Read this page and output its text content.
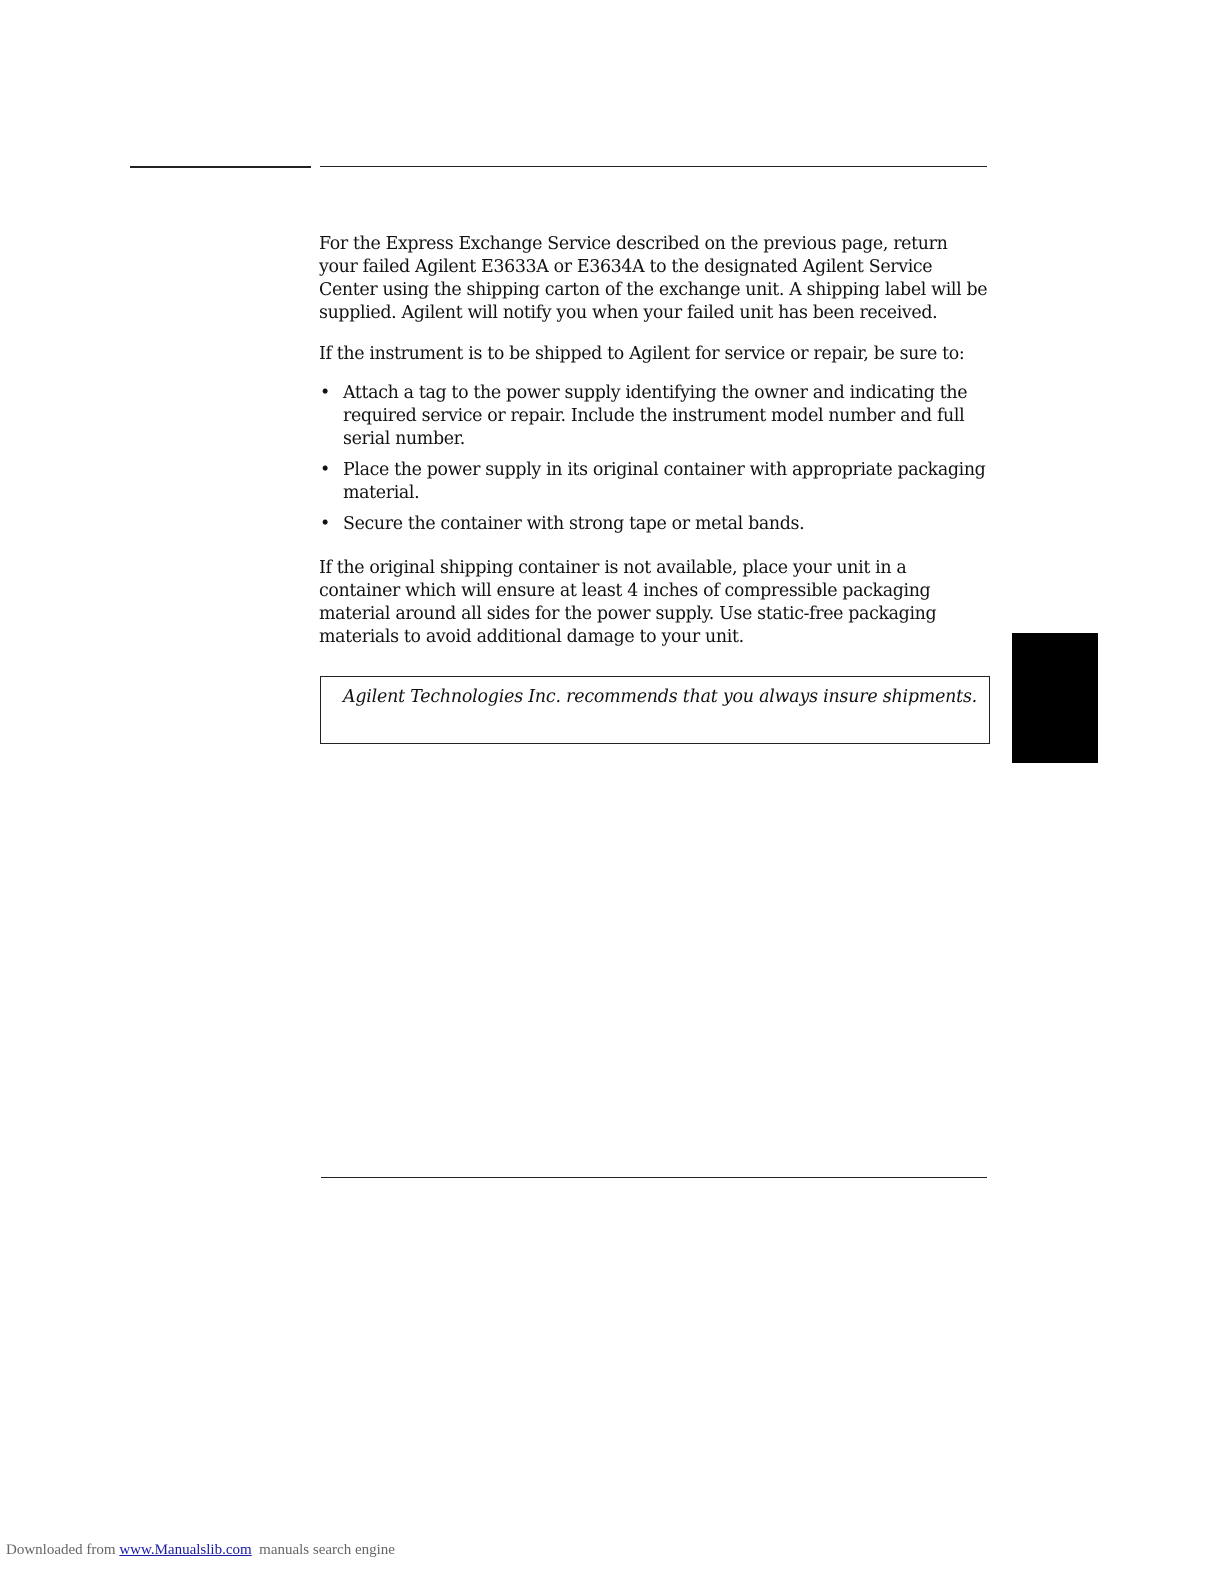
For the Express Exchange Service described on the previous page, return your failed Agilent E3633A or E3634A to the designated Agilent Service Center using the shipping carton of the exchange unit. A shipping label will be supplied. Agilent will notify you when your failed unit has been received.

If the instrument is to be shipped to Agilent for service or repair, be sure to:

• Attach a tag to the power supply identifying the owner and indicating the required service or repair. Include the instrument model number and full serial number.
• Place the power supply in its original container with appropriate packaging material.
• Secure the container with strong tape or metal bands.

If the original shipping container is not available, place your unit in a container which will ensure at least 4 inches of compressible packaging material around all sides for the power supply. Use static-free packaging materials to avoid additional damage to your unit.

Agilent Technologies Inc. recommends that you always insure shipments.
Downloaded from www.Manualslib.com  manuals search engine
